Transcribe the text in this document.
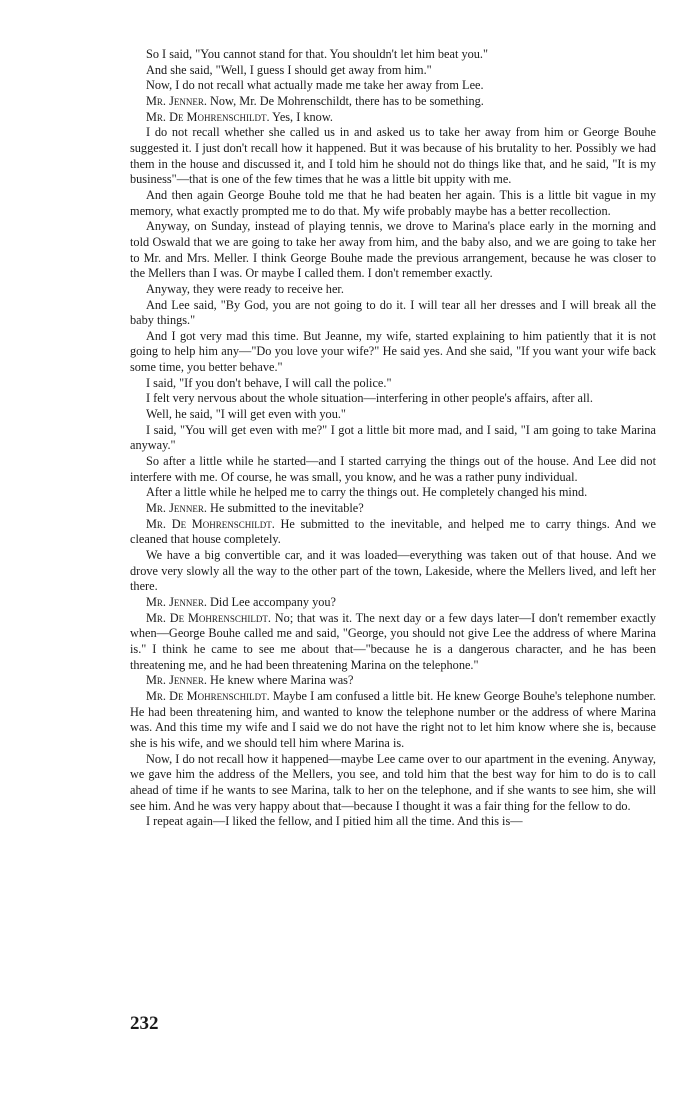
So I said, "You cannot stand for that. You shouldn't let him beat you."

And she said, "Well, I guess I should get away from him."

Now, I do not recall what actually made me take her away from Lee.

Mr. Jenner. Now, Mr. De Mohrenschildt, there has to be something.

Mr. De Mohrenschildt. Yes, I know.

I do not recall whether she called us in and asked us to take her away from him or George Bouhe suggested it. I just don't recall how it happened. But it was because of his brutality to her. Possibly we had them in the house and discussed it, and I told him he should not do things like that, and he said, "It is my business"—that is one of the few times that he was a little bit uppity with me.

And then again George Bouhe told me that he had beaten her again. This is a little bit vague in my memory, what exactly prompted me to do that. My wife probably maybe has a better recollection.

Anyway, on Sunday, instead of playing tennis, we drove to Marina's place early in the morning and told Oswald that we are going to take her away from him, and the baby also, and we are going to take her to Mr. and Mrs. Meller. I think George Bouhe made the previous arrangement, because he was closer to the Mellers than I was. Or maybe I called them. I don't remember exactly.

Anyway, they were ready to receive her.

And Lee said, "By God, you are not going to do it. I will tear all her dresses and I will break all the baby things."

And I got very mad this time. But Jeanne, my wife, started explaining to him patiently that it is not going to help him any—"Do you love your wife?" He said yes. And she said, "If you want your wife back some time, you better behave."

I said, "If you don't behave, I will call the police."

I felt very nervous about the whole situation—interfering in other people's affairs, after all.

Well, he said, "I will get even with you."

I said, "You will get even with me?" I got a little bit more mad, and I said, "I am going to take Marina anyway."

So after a little while he started—and I started carrying the things out of the house. And Lee did not interfere with me. Of course, he was small, you know, and he was a rather puny individual.

After a little while he helped me to carry the things out. He completely changed his mind.

Mr. Jenner. He submitted to the inevitable?

Mr. De Mohrenschildt. He submitted to the inevitable, and helped me to carry things. And we cleaned that house completely.

We have a big convertible car, and it was loaded—everything was taken out of that house. And we drove very slowly all the way to the other part of the town, Lakeside, where the Mellers lived, and left her there.

Mr. Jenner. Did Lee accompany you?

Mr. De Mohrenschildt. No; that was it. The next day or a few days later—I don't remember exactly when—George Bouhe called me and said, "George, you should not give Lee the address of where Marina is." I think he came to see me about that—"because he is a dangerous character, and he has been threatening me, and he had been threatening Marina on the telephone."

Mr. Jenner. He knew where Marina was?

Mr. De Mohrenschildt. Maybe I am confused a little bit. He knew George Bouhe's telephone number. He had been threatening him, and wanted to know the telephone number or the address of where Marina was. And this time my wife and I said we do not have the right not to let him know where she is, because she is his wife, and we should tell him where Marina is.

Now, I do not recall how it happened—maybe Lee came over to our apartment in the evening. Anyway, we gave him the address of the Mellers, you see, and told him that the best way for him to do is to call ahead of time if he wants to see Marina, talk to her on the telephone, and if she wants to see him, she will see him. And he was very happy about that—because I thought it was a fair thing for the fellow to do.

I repeat again—I liked the fellow, and I pitied him all the time. And this is—

232
